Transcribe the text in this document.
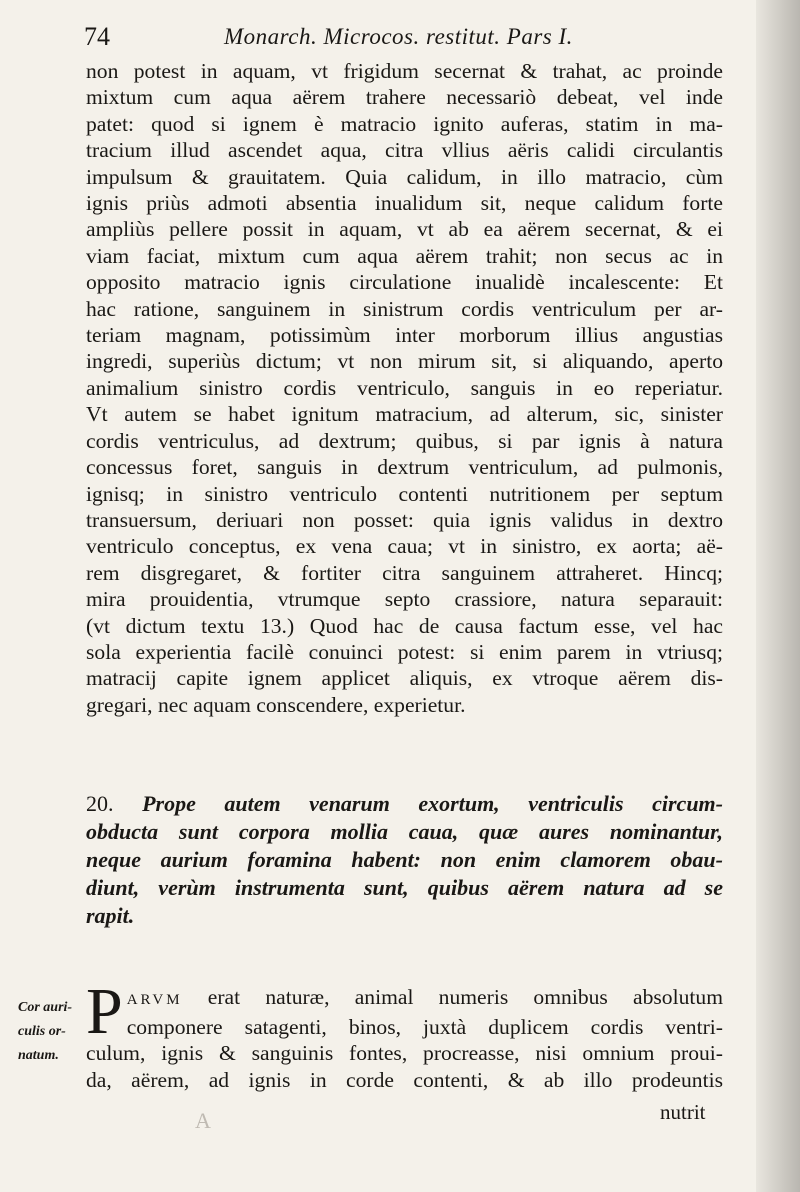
74	Monarch. Microcos. restitut. Pars I.
non potest in aquam, vt frigidum secernat & trahat, ac proinde
mixtum cum aqua aërem trahere necessariò debeat, vel inde
patet: quod si ignem è matracio ignito auferas, statim in ma-
tracium illud ascendet aqua, citra vllius aëris calidi circulantis
impulsum & grauitatem. Quia calidum, in illo matracio, cùm
ignis priùs admoti absentia inualidum sit, neque calidum forte
ampliùs pellere possit in aquam, vt ab ea aërem secernat, & ei
viam faciat, mixtum cum aqua aërem trahit; non secus ac in
opposito matracio ignis circulatione inualidè incalescente: Et
hac ratione, sanguinem in sinistrum cordis ventriculum per ar-
teriam magnam, potissimùm inter morborum illius angustias
ingredi, superiùs dictum; vt non mirum sit, si aliquando, aperto
animalium sinistro cordis ventriculo, sanguis in eo reperiatur.
Vt autem se habet ignitum matracium, ad alterum, sic, sinister
cordis ventriculus, ad dextrum; quibus, si par ignis à natura
concessus foret, sanguis in dextrum ventriculum, ad pulmonis,
ignisq; in sinistro ventriculo contenti nutritionem per septum
transuersum, deriuari non posset: quia ignis validus in dextro
ventriculo conceptus, ex vena caua; vt in sinistro, ex aorta; aë-
rem disgregaret, & fortiter citra sanguinem attraheret. Hincq;
mira prouidentia, vtrumque septo crassiore, natura separauit:
(vt dictum textu 13.) Quod hac de causa factum esse, vel hac
sola experientia facilè conuinci potest: si enim parem in vtriusq;
matracij capite ignem applicet aliquis, ex vtroque aërem dis-
gregari, nec aquam conscendere, experietur.
20. Prope autem venarum exortum, ventriculis circum-
obducta sunt corpora mollia caua, quæ aures nominantur,
neque aurium foramina habent: non enim clamorem obau-
diunt, verùm instrumenta sunt, quibus aërem natura ad se
rapit.
Cor auri-
culis or-
natum.
P ARVM erat naturæ, animal numeris omnibus absolutum
componere satagenti, binos, juxtà duplicem cordis ventri-
culum, ignis & sanguinis fontes, procreasse, nisi omnium proui-
da, aërem, ad ignis in corde contenti, & ab illo prodeuntis
A	nutrit
